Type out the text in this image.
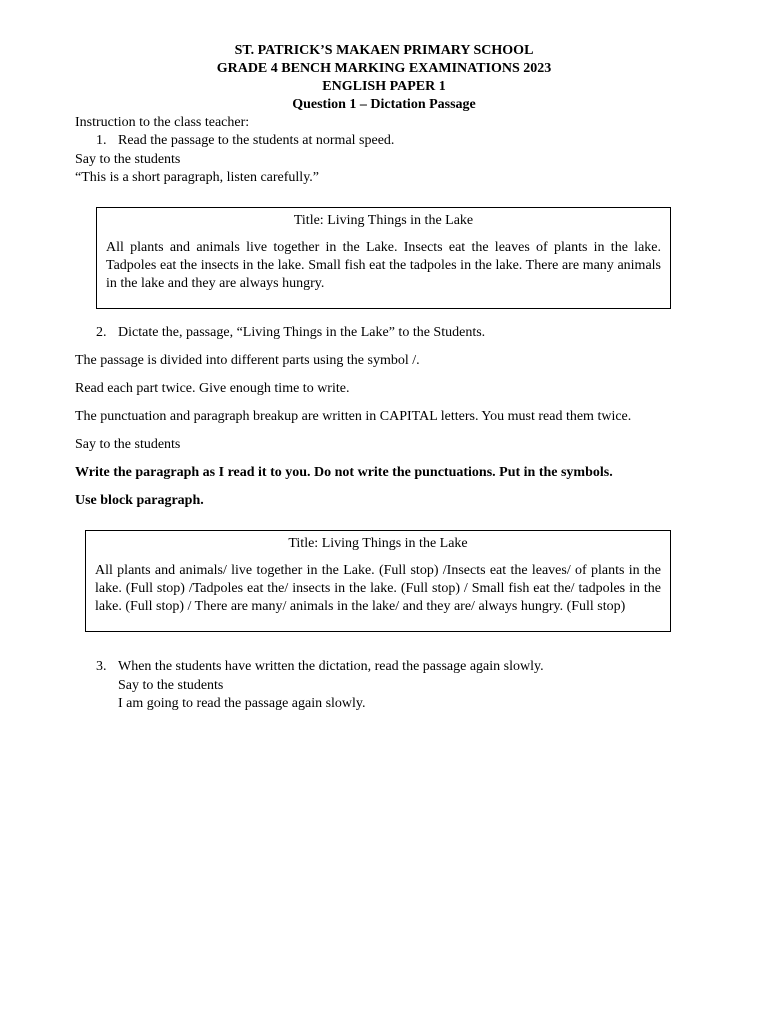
ST. PATRICK’S MAKAEN PRIMARY SCHOOL
GRADE 4 BENCH MARKING EXAMINATIONS 2023
ENGLISH PAPER 1
Question 1 – Dictation Passage
Instruction to the class teacher:
1. Read the passage to the students at normal speed.
Say to the students
“This is a short paragraph, listen carefully.”
Title: Living Things in the Lake
All plants and animals live together in the Lake. Insects eat the leaves of plants in the lake. Tadpoles eat the insects in the lake. Small fish eat the tadpoles in the lake. There are many animals in the lake and they are always hungry.
2. Dictate the, passage, “Living Things in the Lake” to the Students.
The passage is divided into different parts using the symbol /.
Read each part twice. Give enough time to write.
The punctuation and paragraph breakup are written in CAPITAL letters. You must read them twice.
Say to the students
Write the paragraph as I read it to you. Do not write the punctuations. Put in the symbols.
Use block paragraph.
Title: Living Things in the Lake
All plants and animals/ live together in the Lake. (Full stop) /Insects eat the leaves/ of plants in the lake. (Full stop) /Tadpoles eat the/ insects in the lake. (Full stop) / Small fish eat the/ tadpoles in the lake. (Full stop) / There are many/ animals in the lake/ and they are/ always hungry. (Full stop)
3. When the students have written the dictation, read the passage again slowly.
Say to the students
I am going to read the passage again slowly.
